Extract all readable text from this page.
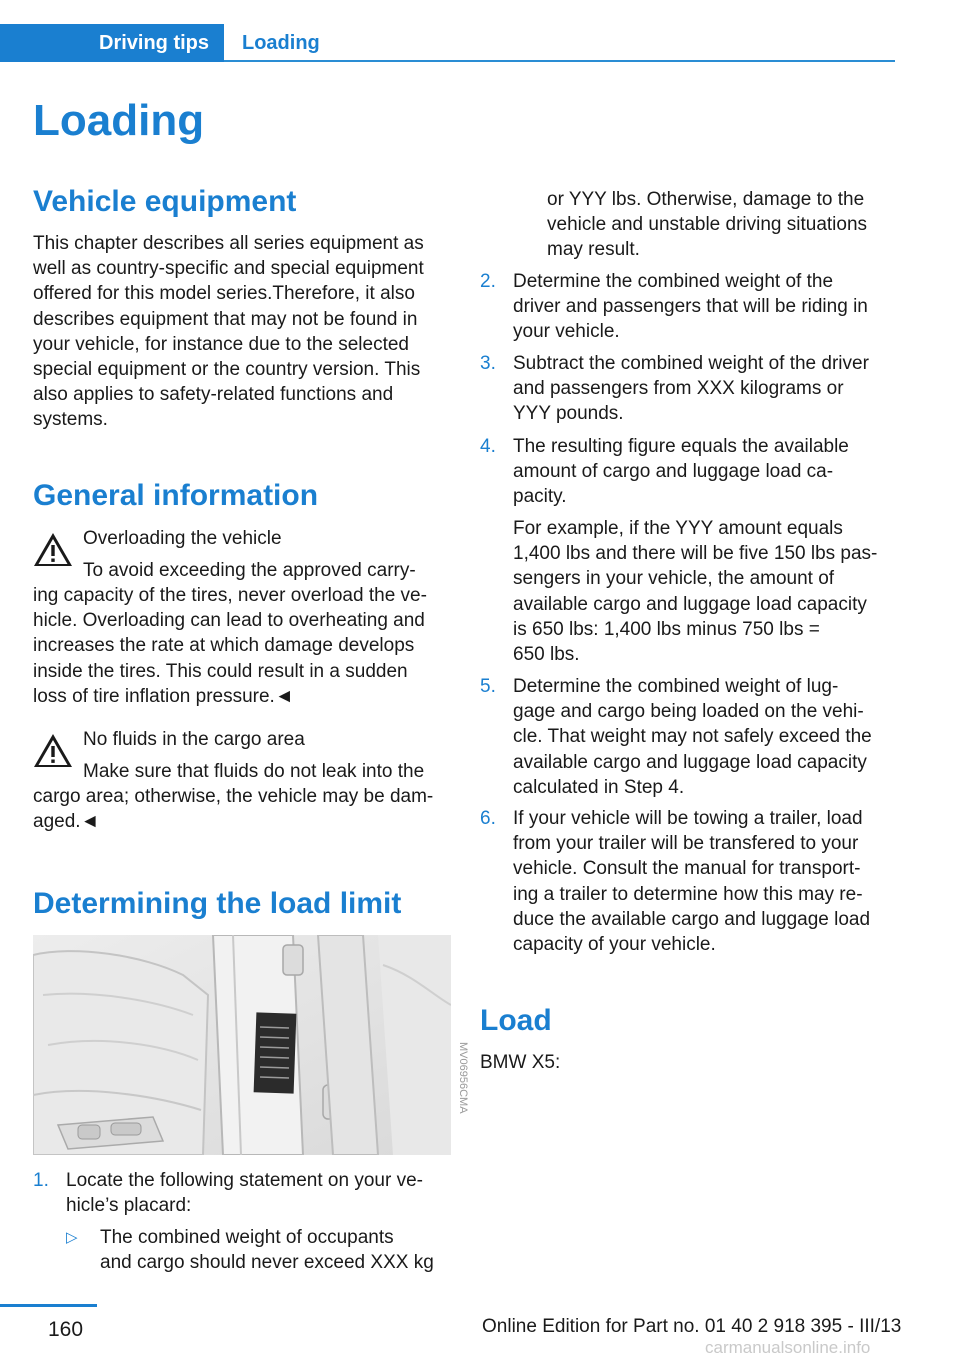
Driving tips	Loading
Loading
Vehicle equipment
This chapter describes all series equipment as
well as country-specific and special equipment
offered for this model series.Therefore, it also
describes equipment that may not be found in
your vehicle, for instance due to the selected
special equipment or the country version. This
also applies to safety-related functions and
systems.
General information
Overloading the vehicle
To avoid exceeding the approved carry-
ing capacity of the tires, never overload the ve-
hicle. Overloading can lead to overheating and
increases the rate at which damage develops
inside the tires. This could result in a sudden
loss of tire inflation pressure.◄
No fluids in the cargo area
Make sure that fluids do not leak into the
cargo area; otherwise, the vehicle may be dam-
aged.◄
Determining the load limit
MV06956CMA
1. Locate the following statement on your ve-
hicle’s placard:
▷ The combined weight of occupants
and cargo should never exceed XXX kg
or YYY lbs. Otherwise, damage to the
vehicle and unstable driving situations
may result.
2. Determine the combined weight of the
driver and passengers that will be riding in
your vehicle.
3. Subtract the combined weight of the driver
and passengers from XXX kilograms or
YYY pounds.
4. The resulting figure equals the available
amount of cargo and luggage load ca-
pacity.
For example, if the YYY amount equals
1,400 lbs and there will be five 150 lbs pas-
sengers in your vehicle, the amount of
available cargo and luggage load capacity
is 650 lbs: 1,400 lbs minus 750 lbs =
650 lbs.
5. Determine the combined weight of lug-
gage and cargo being loaded on the vehi-
cle. That weight may not safely exceed the
available cargo and luggage load capacity
calculated in Step 4.
6. If your vehicle will be towing a trailer, load
from your trailer will be transfered to your
vehicle. Consult the manual for transport-
ing a trailer to determine how this may re-
duce the available cargo and luggage load
capacity of your vehicle.
Load
BMW X5:
160	Online Edition for Part no. 01 40 2 918 395 - III/13
carmanualsonline.info
